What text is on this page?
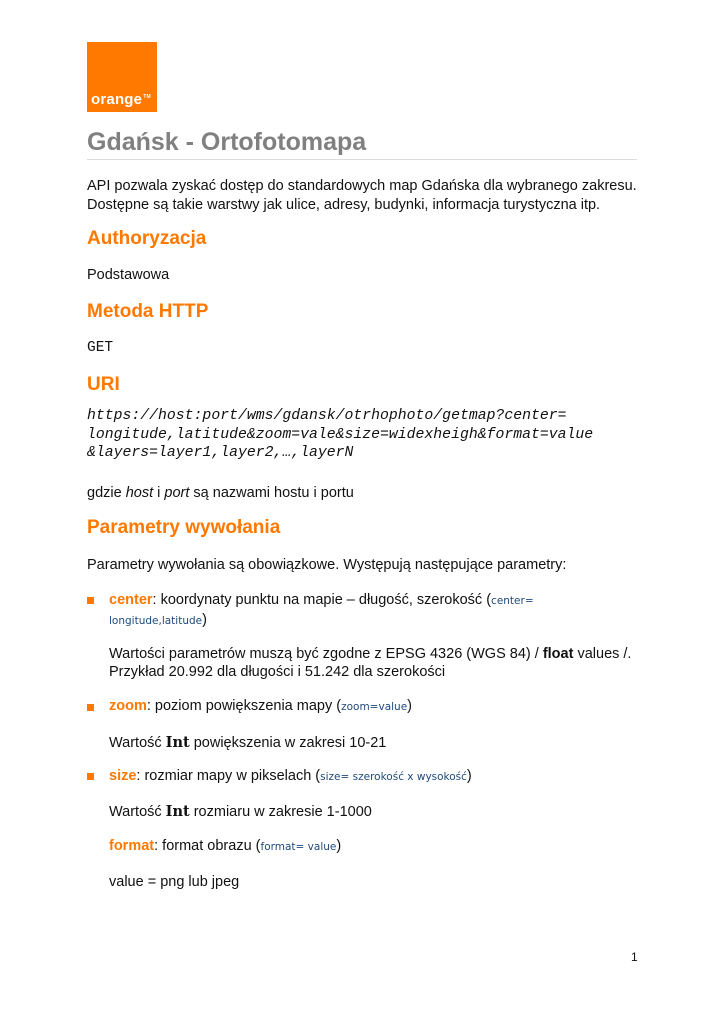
orange™
Gdańsk - Ortofotomapa
API pozwala zyskać dostęp do standardowych map Gdańska dla wybranego zakresu.
Dostępne są takie warstwy jak ulice, adresy, budynki, informacja turystyczna itp.
Authoryzacja
Podstawowa
Metoda HTTP
GET
URI
https://host:port/wms/gdansk/otrhophoto/getmap?center=
longitude,latitude&zoom=vale&size=widexheigh&format=value
&layers=layer1,layer2,…,layerN
gdzie host i port są nazwami hostu i portu
Parametry wywołania
Parametry wywołania są obowiązkowe. Występują następujące parametry:
center: koordynaty punktu na mapie – długość, szerokość (center=
longitude,latitude)
Wartości parametrów muszą być zgodne z EPSG 4326 (WGS 84) / float values /.
Przykład 20.992 dla długości i 51.242 dla szerokości
zoom: poziom powiększenia mapy (zoom=value)
Wartość Int powiększenia w zakresi 10-21
size: rozmiar mapy w pikselach (size= szerokość x wysokość)
Wartość Int rozmiaru w zakresie 1-1000
format: format obrazu (format= value)
value = png lub jpeg
1
